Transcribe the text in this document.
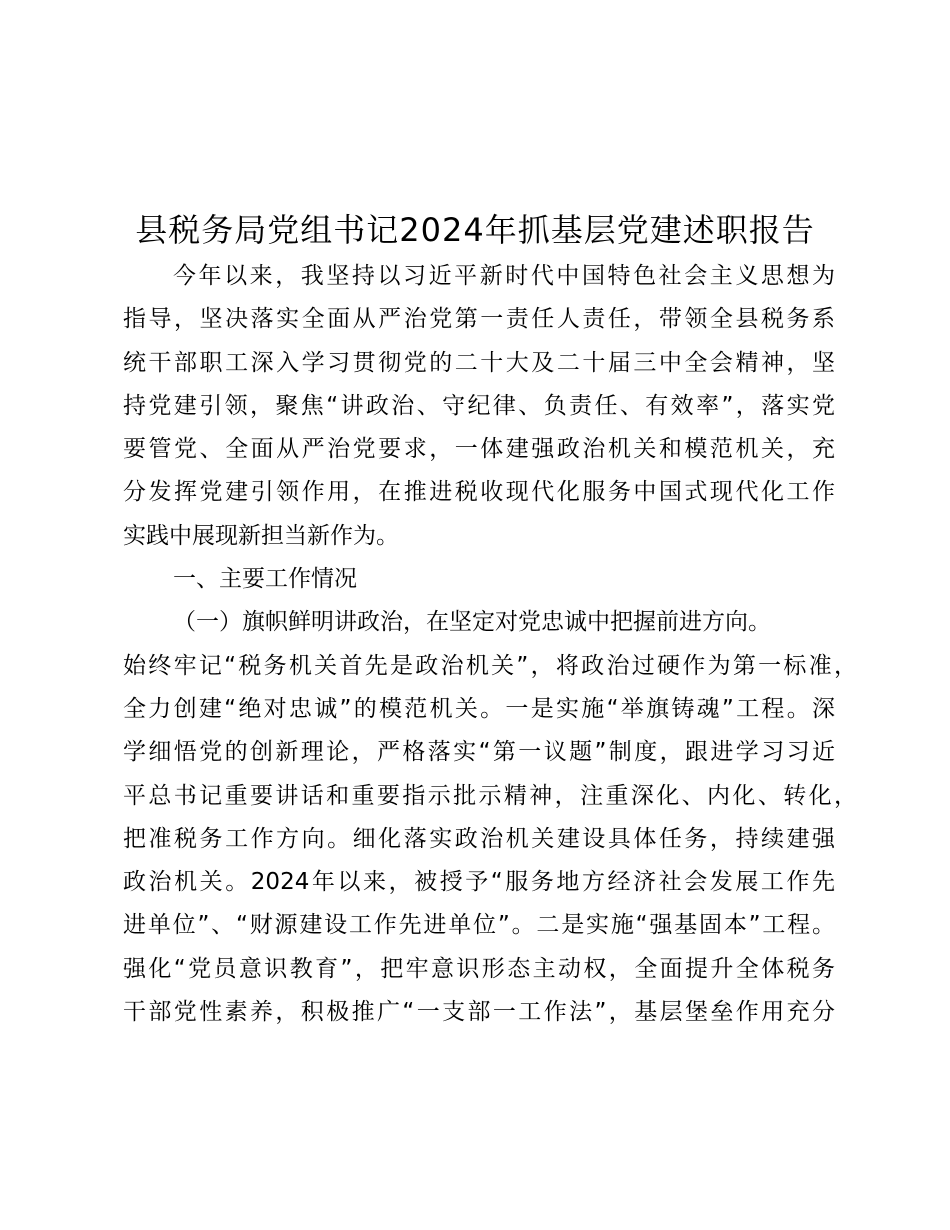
县税务局党组书记2024年抓基层党建述职报告
今年以来，我坚持以习近平新时代中国特色社会主义思想为
指导，坚决落实全面从严治党第一责任人责任，带领全县税务系
统干部职工深入学习贯彻党的二十大及二十届三中全会精神，坚
持党建引领，聚焦“讲政治、守纪律、负责任、有效率”，落实党
要管党、全面从严治党要求，一体建强政治机关和模范机关，充
分发挥党建引领作用，在推进税收现代化服务中国式现代化工作
实践中展现新担当新作为。
一、主要工作情况
（一）旗帜鲜明讲政治，在坚定对党忠诚中把握前进方向。
始终牢记“税务机关首先是政治机关”，将政治过硬作为第一标准，
全力创建“绝对忠诚”的模范机关。一是实施“举旗铸魂”工程。深
学细悟党的创新理论，严格落实“第一议题”制度，跟进学习习近
平总书记重要讲话和重要指示批示精神，注重深化、内化、转化，
把准税务工作方向。细化落实政治机关建设具体任务，持续建强
政治机关。2024年以来，被授予“服务地方经济社会发展工作先
进单位”、“财源建设工作先进单位”。二是实施“强基固本”工程。
强化“党员意识教育”，把牢意识形态主动权，全面提升全体税务
干部党性素养，积极推广“一支部一工作法”，基层堡垒作用充分
